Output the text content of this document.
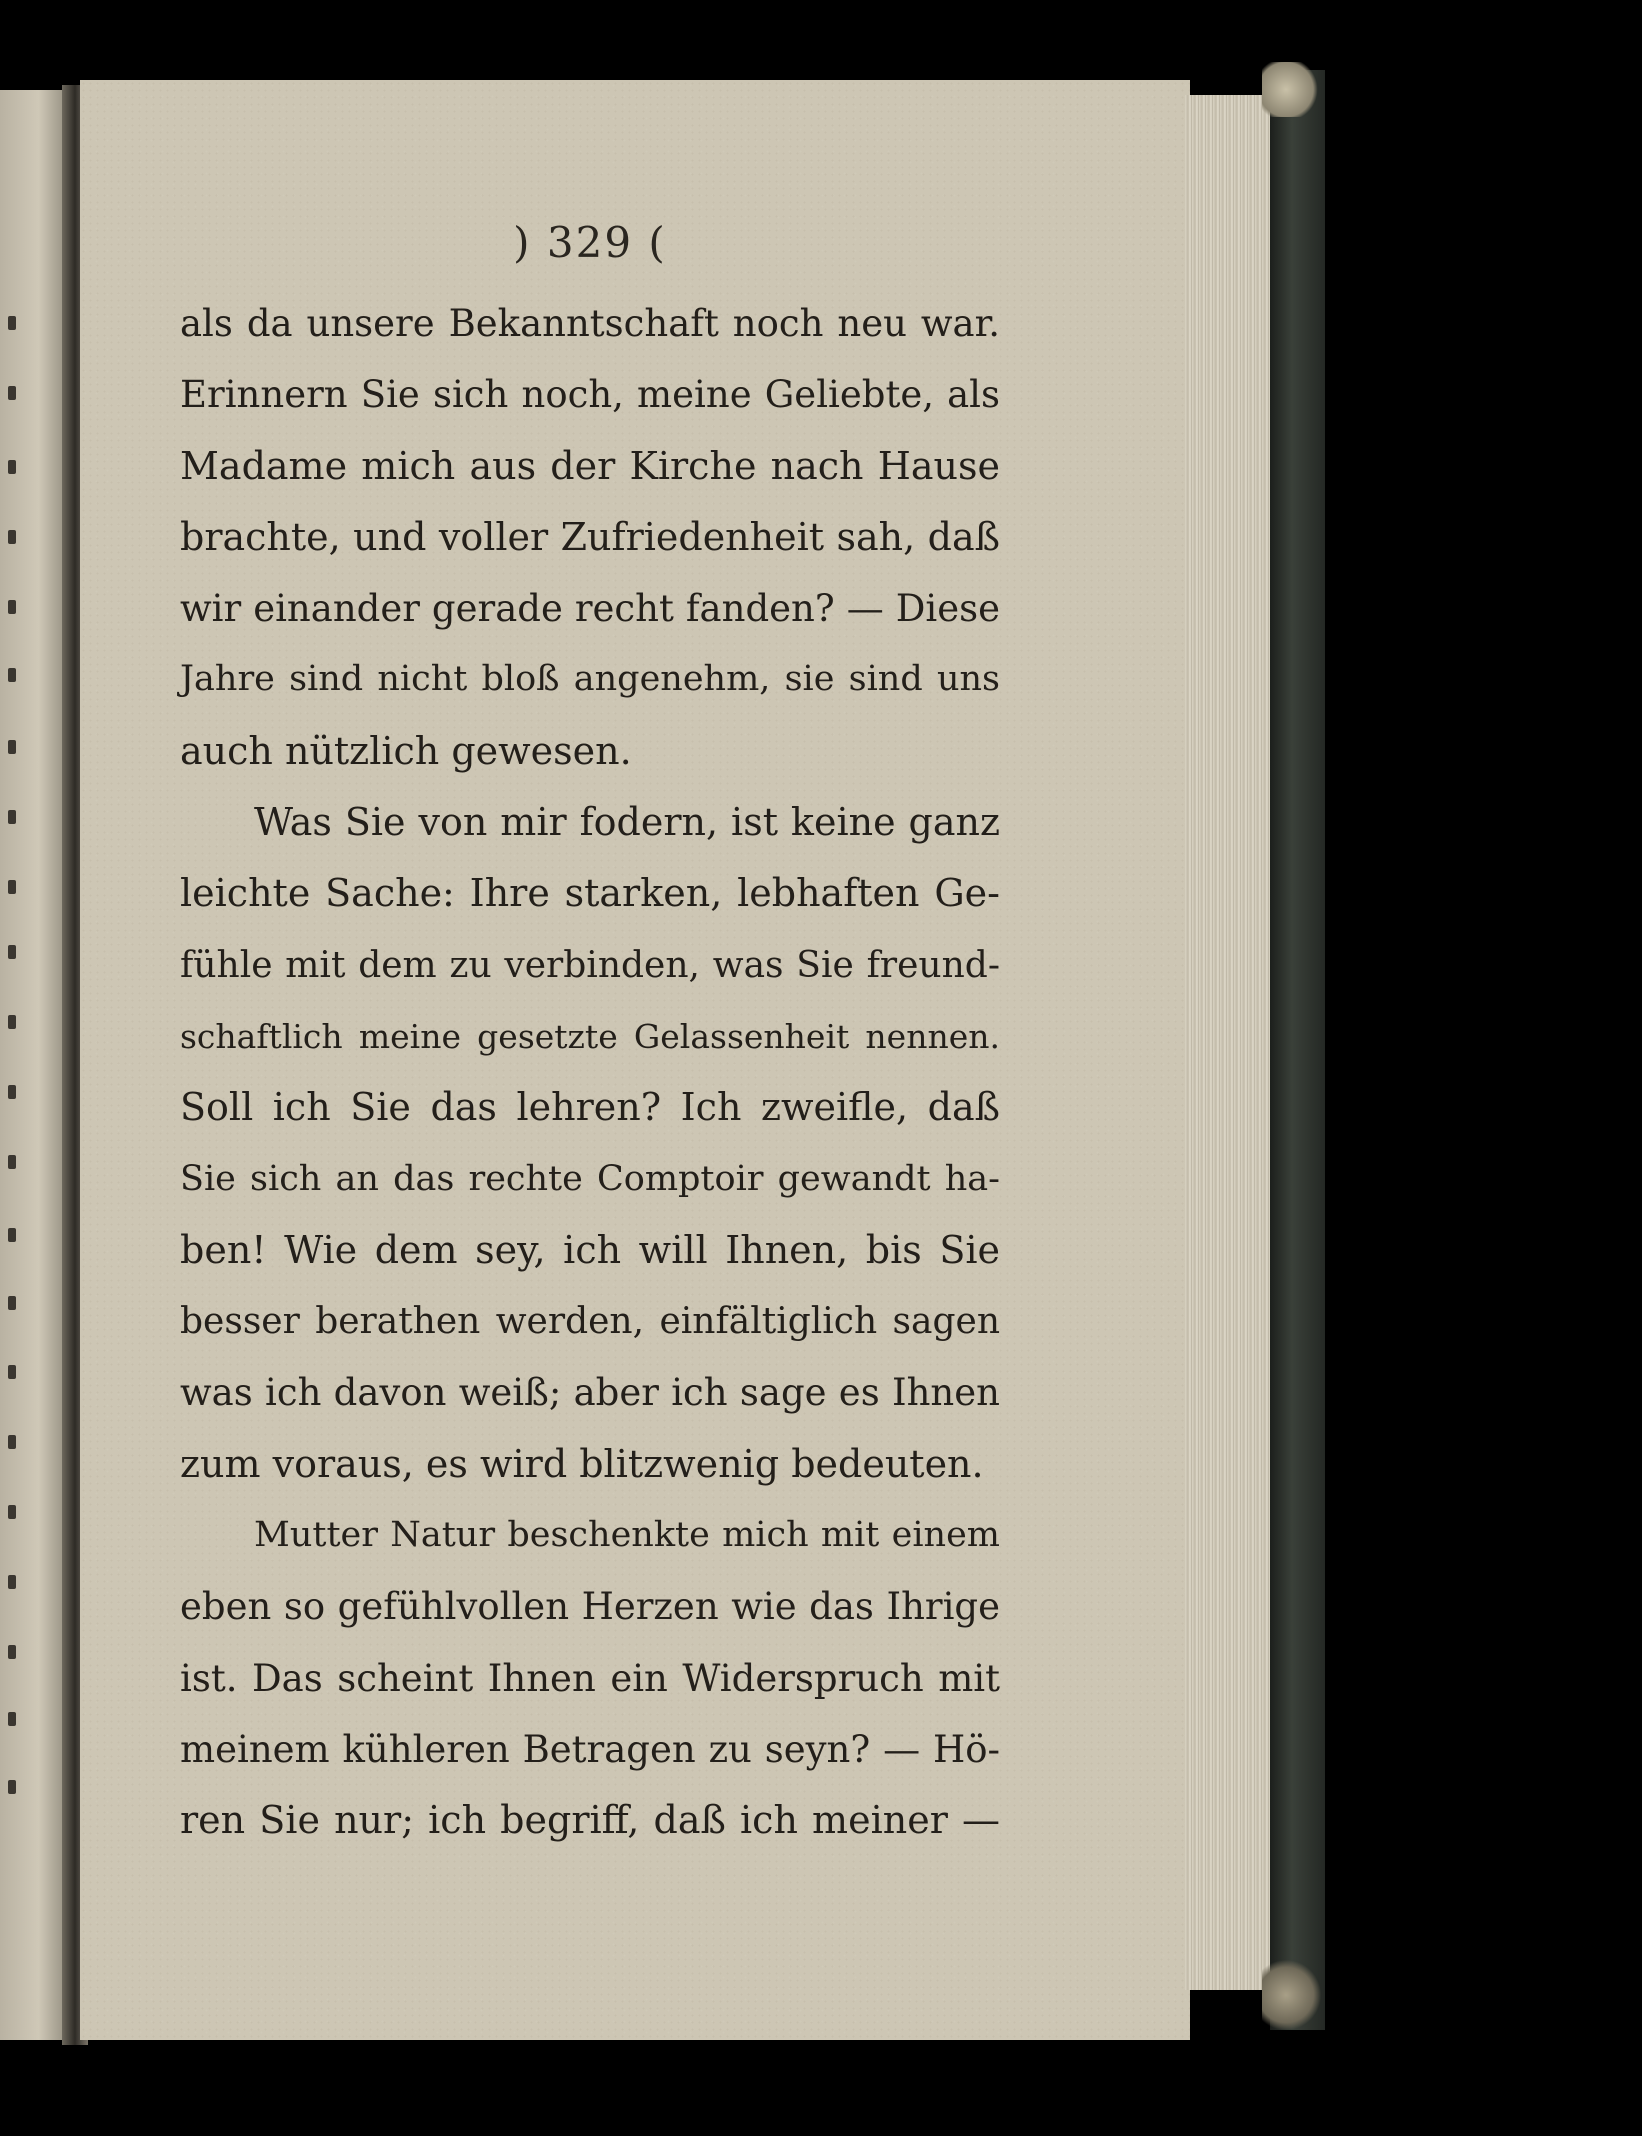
) 329 (
als da unsere Bekanntschaft noch neu war.
Erinnern Sie sich noch, meine Geliebte, als
Madame mich aus der Kirche nach Hause
brachte, und voller Zufriedenheit sah, daß
wir einander gerade recht fanden? — Diese
Jahre sind nicht bloß angenehm, sie sind uns
auch nützlich gewesen.
Was Sie von mir fodern, ist keine ganz
leichte Sache: Ihre starken, lebhaften Ge-
fühle mit dem zu verbinden, was Sie freund-
schaftlich meine gesetzte Gelassenheit nennen.
Soll ich Sie das lehren? Ich zweifle, daß
Sie sich an das rechte Comptoir gewandt ha-
ben! Wie dem sey, ich will Ihnen, bis Sie
besser berathen werden, einfältiglich sagen
was ich davon weiß; aber ich sage es Ihnen
zum voraus, es wird blitzwenig bedeuten.
Mutter Natur beschenkte mich mit einem
eben so gefühlvollen Herzen wie das Ihrige
ist. Das scheint Ihnen ein Widerspruch mit
meinem kühleren Betragen zu seyn? — Hö-
ren Sie nur; ich begriff, daß ich meiner —
